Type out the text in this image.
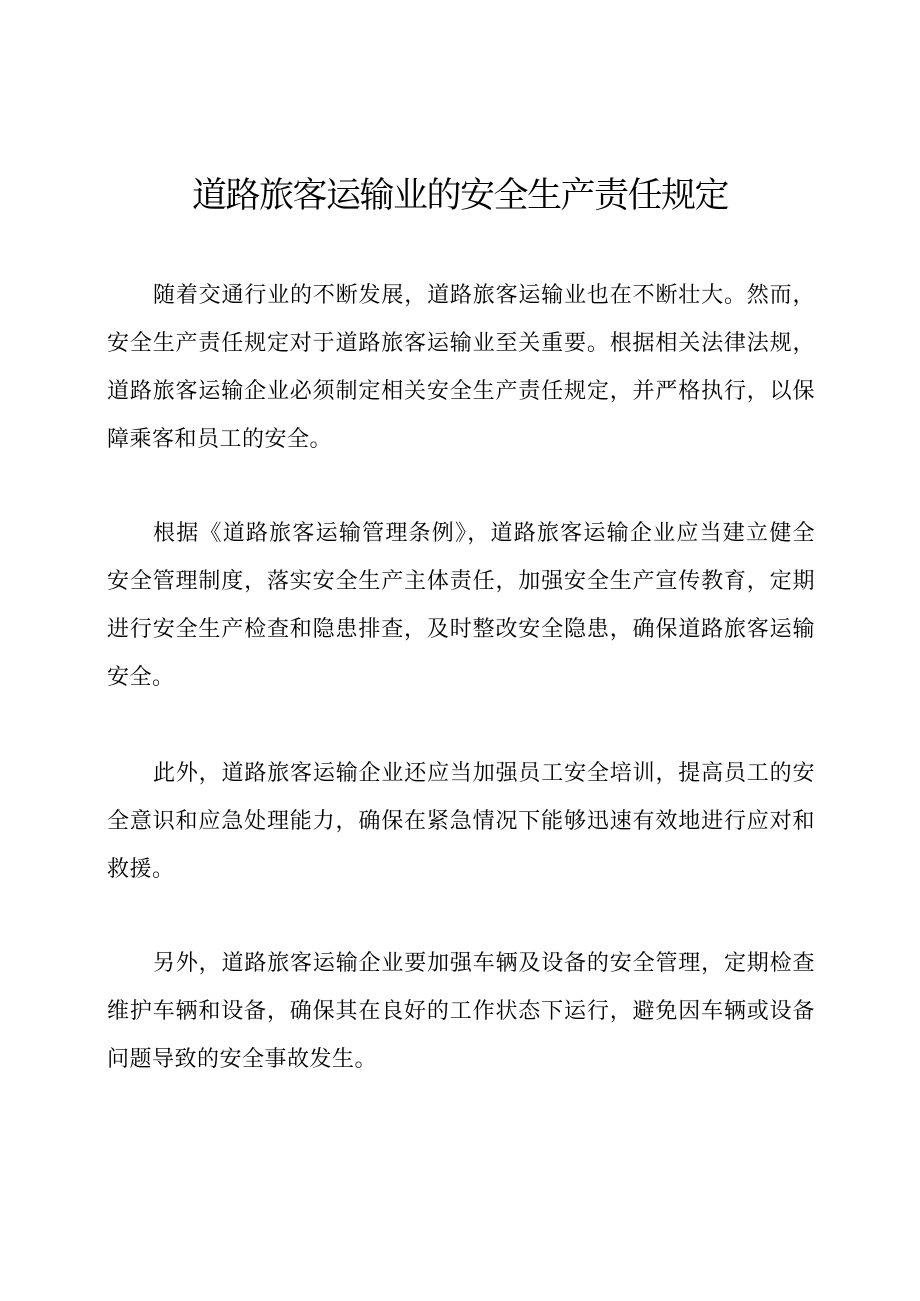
道路旅客运输业的安全生产责任规定

随着交通行业的不断发展，道路旅客运输业也在不断壮大。然而，安全生产责任规定对于道路旅客运输业至关重要。根据相关法律法规，道路旅客运输企业必须制定相关安全生产责任规定，并严格执行，以保障乘客和员工的安全。

根据《道路旅客运输管理条例》，道路旅客运输企业应当建立健全安全管理制度，落实安全生产主体责任，加强安全生产宣传教育，定期进行安全生产检查和隐患排查，及时整改安全隐患，确保道路旅客运输安全。

此外，道路旅客运输企业还应当加强员工安全培训，提高员工的安全意识和应急处理能力，确保在紧急情况下能够迅速有效地进行应对和救援。

另外，道路旅客运输企业要加强车辆及设备的安全管理，定期检查维护车辆和设备，确保其在良好的工作状态下运行，避免因车辆或设备问题导致的安全事故发生。
